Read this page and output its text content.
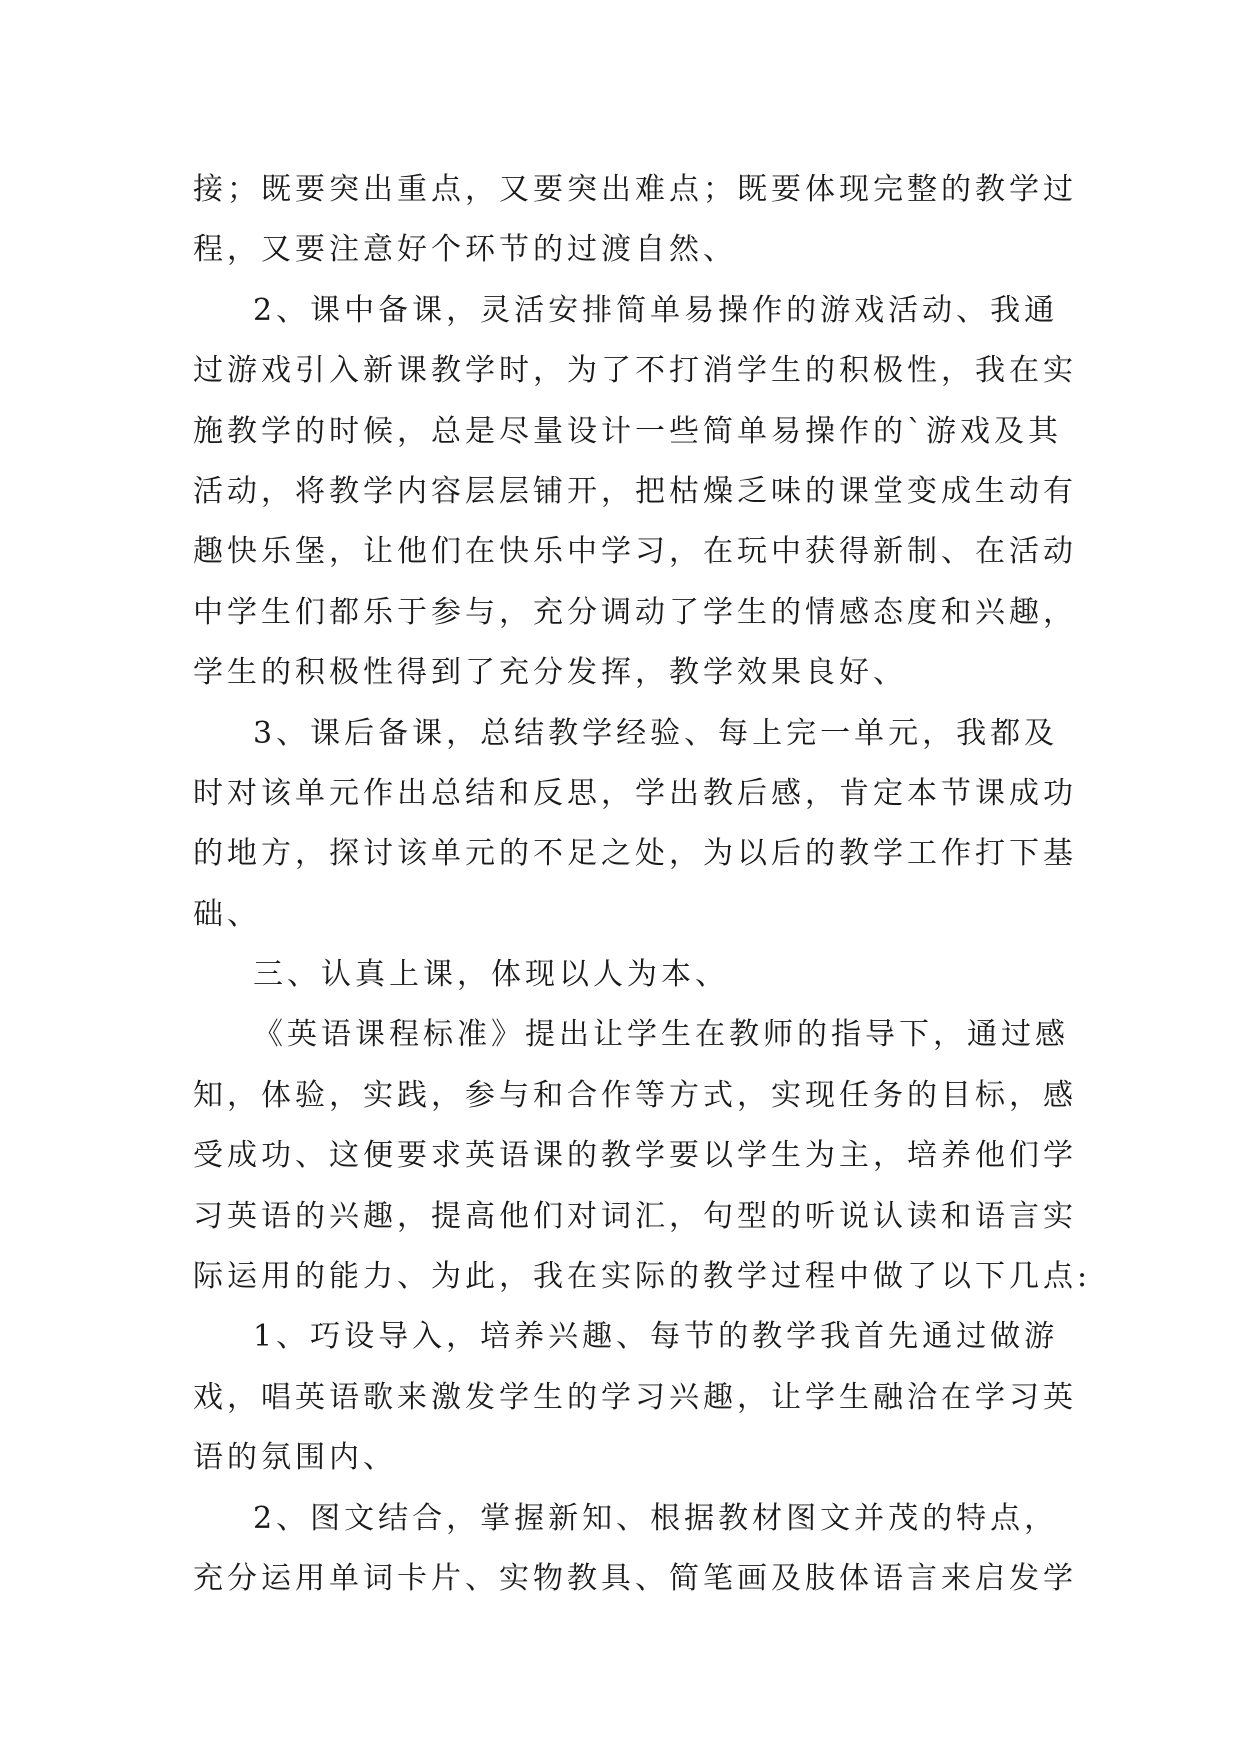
接；既要突出重点，又要突出难点；既要体现完整的教学过
程，又要注意好个环节的过渡自然、
2、课中备课，灵活安排简单易操作的游戏活动、我通
过游戏引入新课教学时，为了不打消学生的积极性，我在实
施教学的时候，总是尽量设计一些简单易操作的`游戏及其
活动，将教学内容层层铺开，把枯燥乏味的课堂变成生动有
趣快乐堡，让他们在快乐中学习，在玩中获得新制、在活动
中学生们都乐于参与，充分调动了学生的情感态度和兴趣，
学生的积极性得到了充分发挥，教学效果良好、
3、课后备课，总结教学经验、每上完一单元，我都及
时对该单元作出总结和反思，学出教后感，肯定本节课成功
的地方，探讨该单元的不足之处，为以后的教学工作打下基
础、
三、认真上课，体现以人为本、
《英语课程标准》提出让学生在教师的指导下，通过感
知，体验，实践，参与和合作等方式，实现任务的目标，感
受成功、这便要求英语课的教学要以学生为主，培养他们学
习英语的兴趣，提高他们对词汇，句型的听说认读和语言实
际运用的能力、为此，我在实际的教学过程中做了以下几点:
1、巧设导入，培养兴趣、每节的教学我首先通过做游
戏，唱英语歌来激发学生的学习兴趣，让学生融洽在学习英
语的氛围内、
2、图文结合，掌握新知、根据教材图文并茂的特点，
充分运用单词卡片、实物教具、简笔画及肢体语言来启发学
